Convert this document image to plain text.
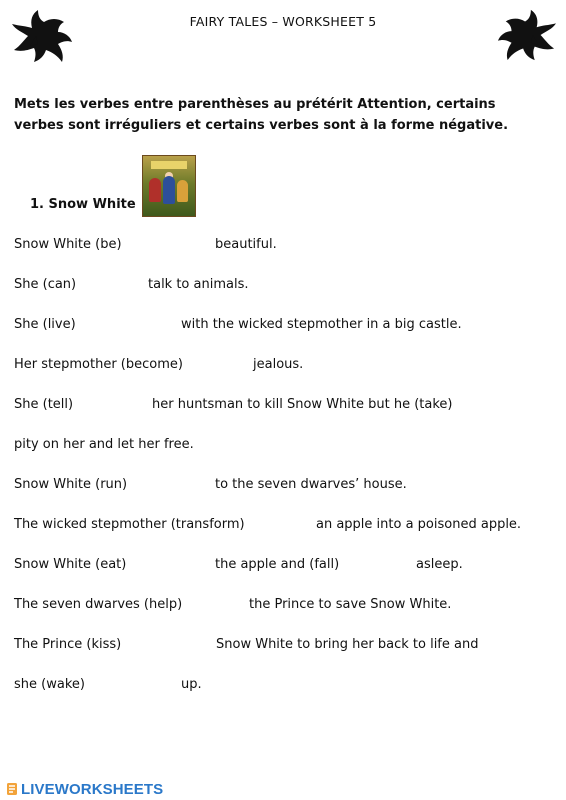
FAIRY TALES – WORKSHEET 5
Mets les verbes entre parenthèses au prétérit Attention, certains verbes sont irréguliers et certains verbes sont à la forme négative.
1. Snow White
Snow White (be)	beautiful.
She (can)	talk to animals.
She (live)	with the wicked stepmother in a big castle.
Her stepmother (become)	jealous.
She (tell)	her huntsman to kill Snow White but he (take)
pity on her and let her free.
Snow White (run)	to the seven dwarves’ house.
The wicked stepmother (transform)	an apple into a poisoned apple.
Snow White (eat)	the apple and (fall)	asleep.
The seven dwarves (help)	the Prince to save Snow White.
The Prince (kiss)	Snow White to bring her back to life and
she (wake)	up.
LIVEWORKSHEETS
